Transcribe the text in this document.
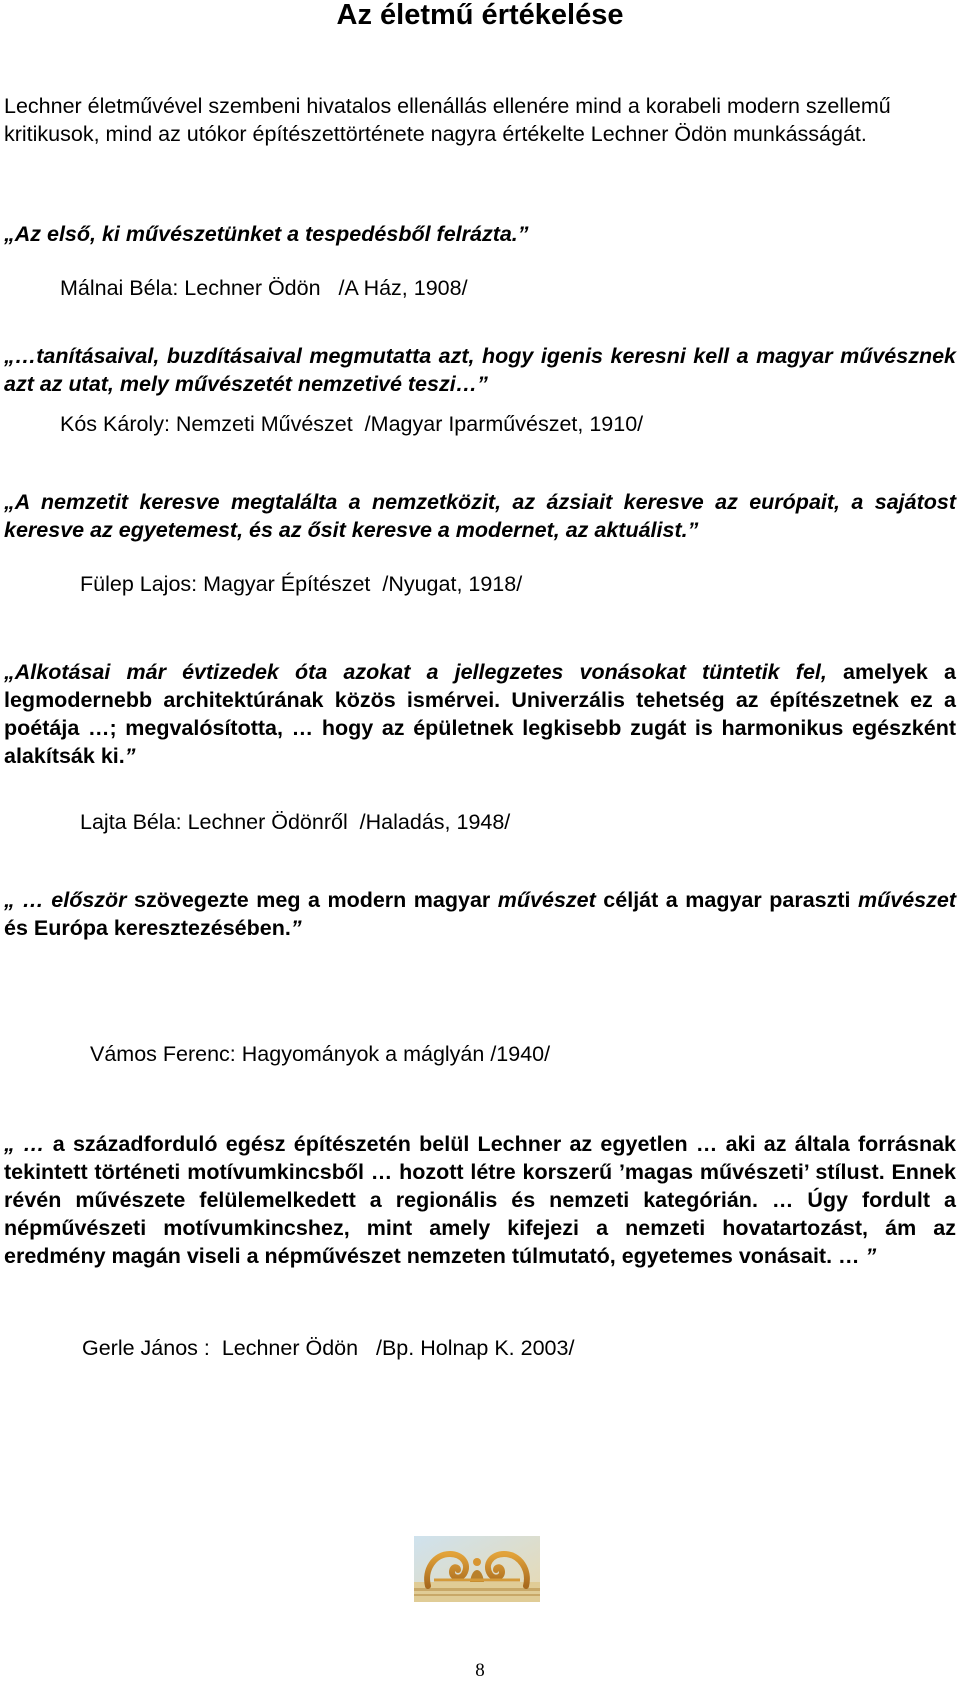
Az életmű értékelése

Lechner életművével szembeni hivatalos ellenállás ellenére mind a korabeli modern szellemű kritikusok, mind az utókor építészettörténete nagyra értékelte Lechner Ödön munkásságát.

„Az első, ki művészetünket a tespedésből felrázta.”

Málnai Béla: Lechner Ödön   /A Ház, 1908/

„…tanításaival, buzdításaival megmutatta azt, hogy igenis keresni kell a magyar művésznek azt az utat, mely művészetét nemzetivé teszi…”

Kós Károly: Nemzeti Művészet  /Magyar Iparművészet, 1910/

„A nemzetit keresve megtalálta a nemzetközit, az ázsiait keresve az európait, a sajátost keresve az egyetemest, és az ősit keresve a modernet, az aktuálist.”

Fülep Lajos: Magyar Építészet  /Nyugat, 1918/

„Alkotásai már évtizedek óta azokat a jellegzetes vonásokat tüntetik fel, amelyek a legmodernebb architektúrának közös ismérvei. Univerzális tehetség az építészetnek ez a poétája …; megvalósította, … hogy az épületnek legkisebb zugát is harmonikus egészként alakítsák ki.”

Lajta Béla: Lechner Ödönről  /Haladás, 1948/

„ … először szövegezte meg a modern magyar művészet célját a magyar paraszti művészet és Európa keresztezésében.”

Vámos Ferenc: Hagyományok a máglyán /1940/

„ … a századforduló egész építészetén belül Lechner az egyetlen … aki az általa forrásnak tekintett történeti motívumkincsből … hozott létre korszerű ’magas művészeti’ stílust. Ennek révén művészete felülemelkedett a regionális és nemzeti kategórián. … Úgy fordult a népművészeti motívumkincshez, mint amely kifejezi a nemzeti hovatartozást, ám az eredmény magán viseli a népművészet nemzeten túlmutató, egyetemes vonásait. … ”

Gerle János :  Lechner Ödön   /Bp. Holnap K. 2003/

8
